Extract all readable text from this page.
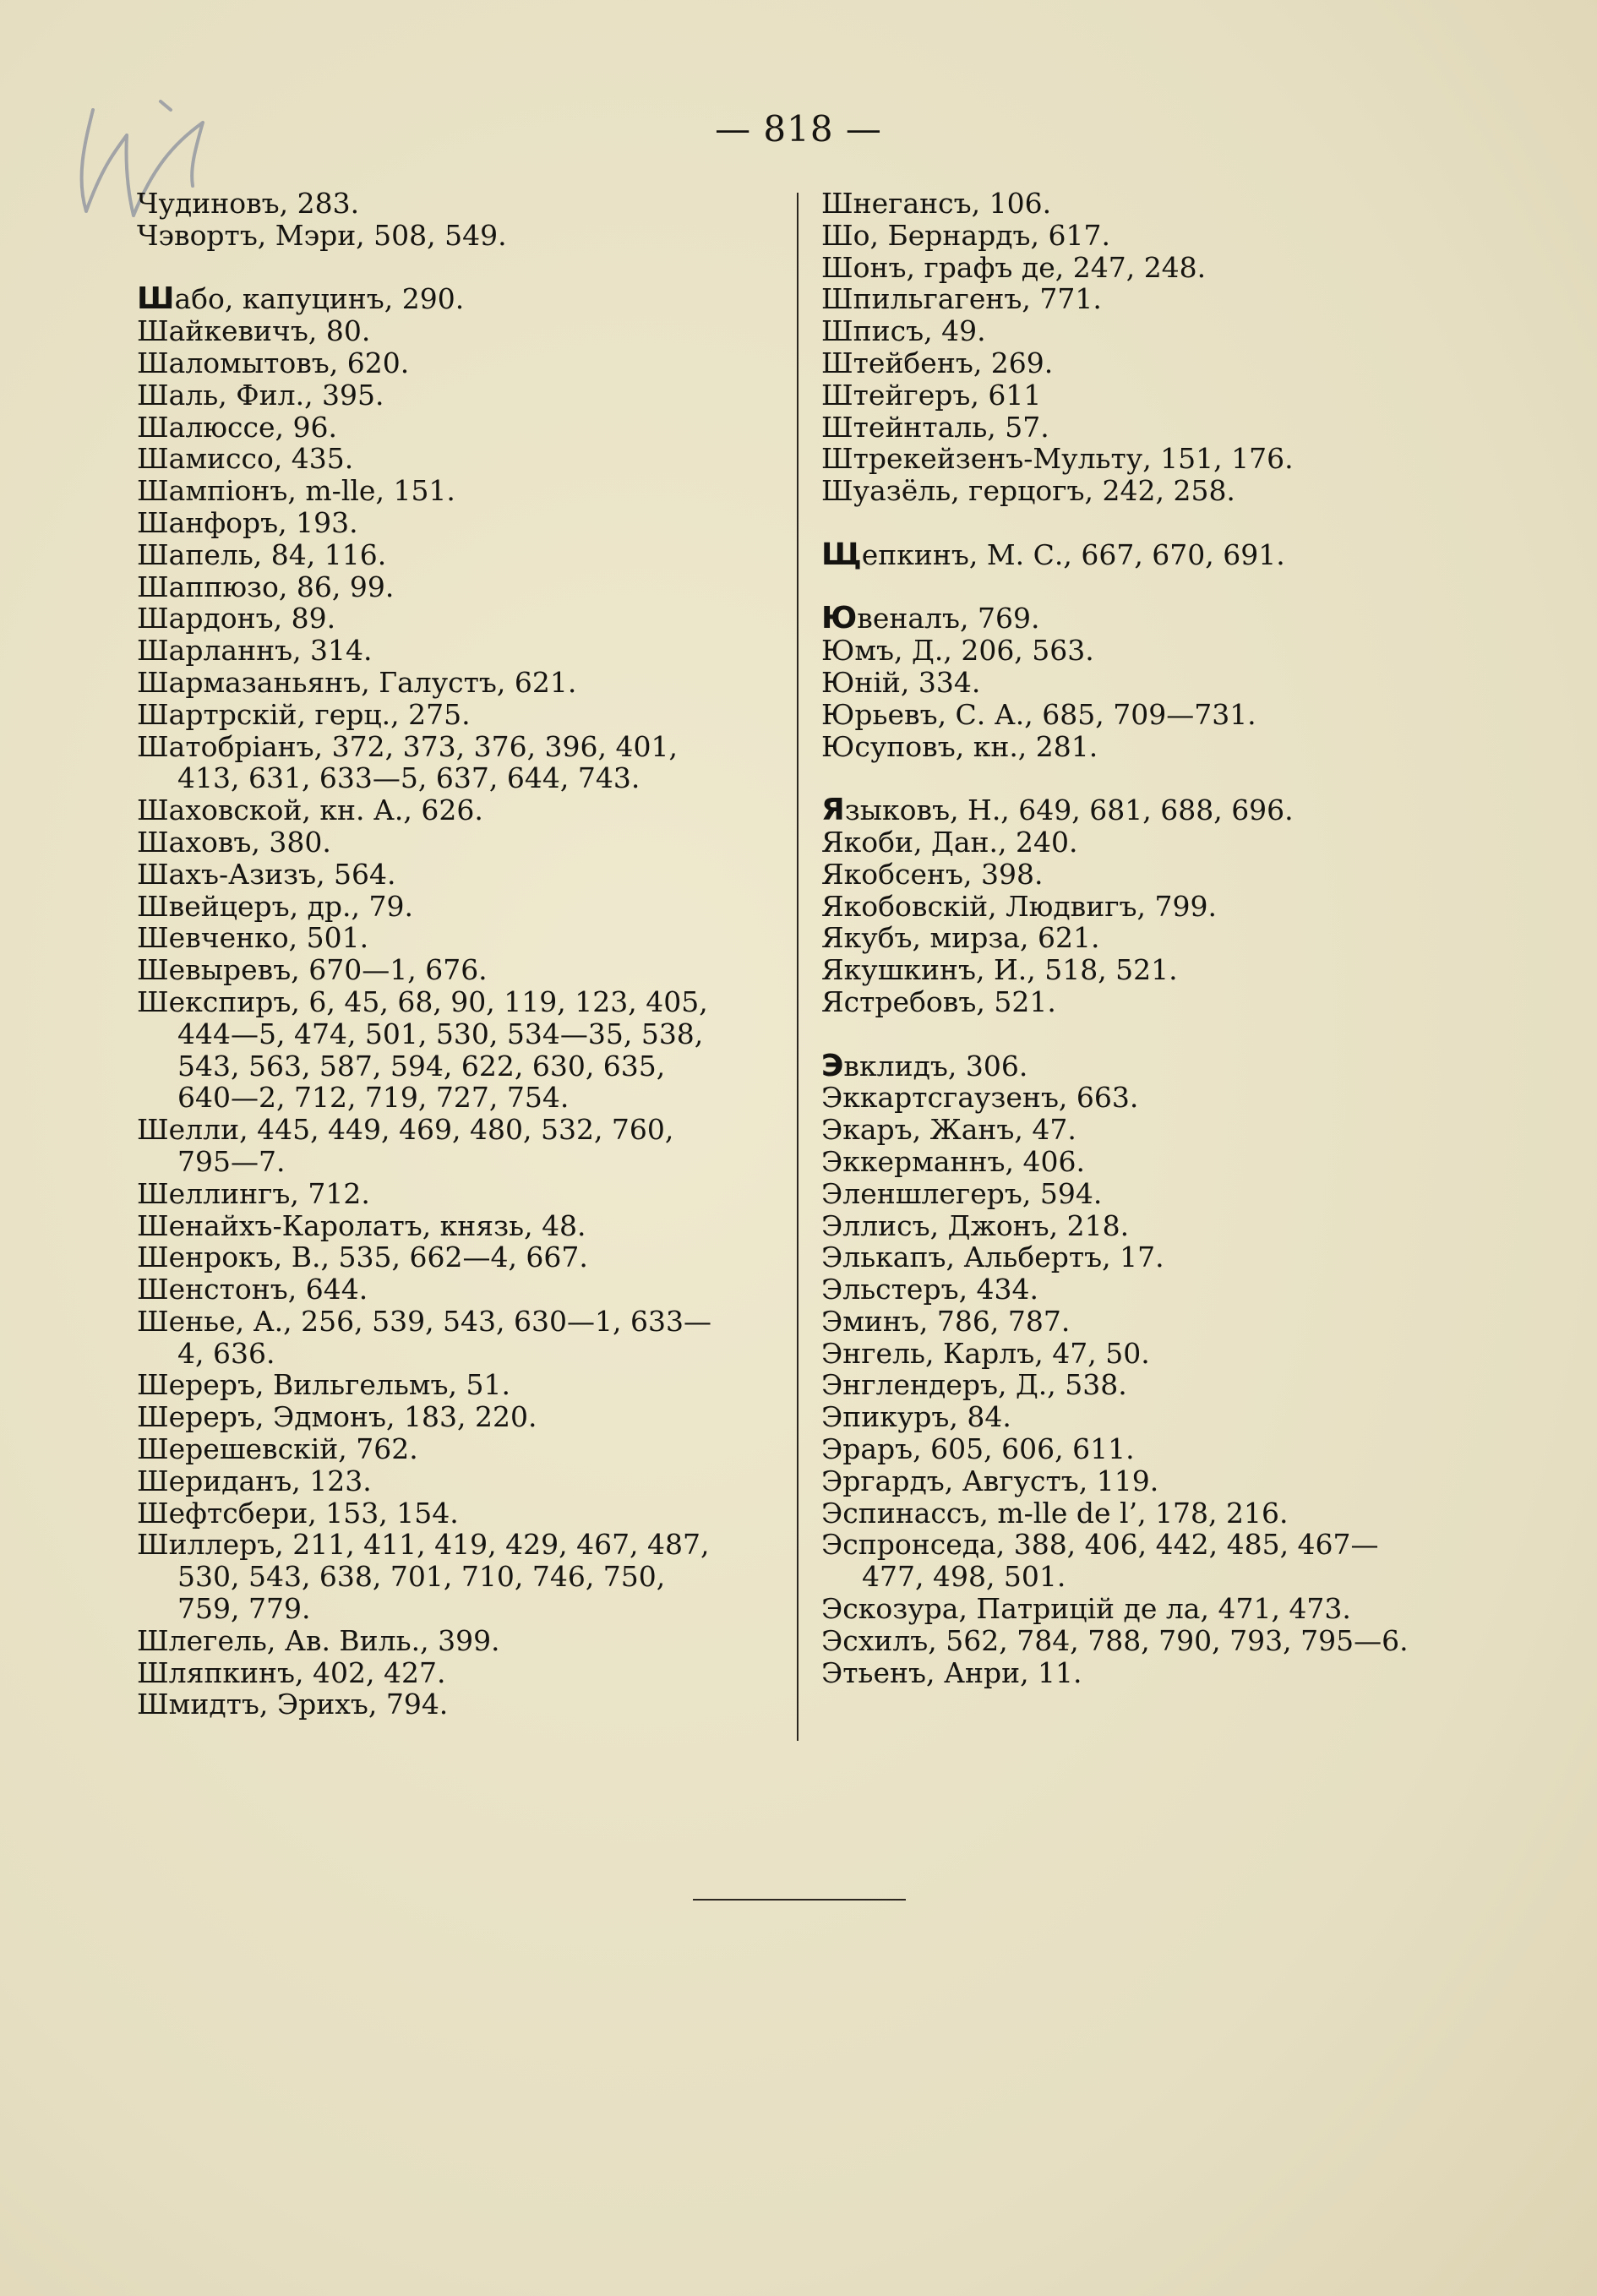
— 818 —
Чудиновъ, 283.
Чэвортъ, Мэри, 508, 549.
Шабо, капуцинъ, 290.
Шайкевичъ, 80.
Шаломытовъ, 620.
Шаль, Фил., 395.
Шалюссе, 96.
Шамиссо, 435.
Шампіонъ, m-lle, 151.
Шанфоръ, 193.
Шапель, 84, 116.
Шаппюзо, 86, 99.
Шардонъ, 89.
Шарланнъ, 314.
Шармазаньянъ, Галустъ, 621.
Шартрскій, герц., 275.
Шатобріанъ, 372, 373, 376, 396, 401,
413, 631, 633—5, 637, 644, 743.
Шаховской, кн. А., 626.
Шаховъ, 380.
Шахъ-Азизъ, 564.
Швейцеръ, др., 79.
Шевченко, 501.
Шевыревъ, 670—1, 676.
Шекспиръ, 6, 45, 68, 90, 119, 123, 405,
444—5, 474, 501, 530, 534—35, 538,
543, 563, 587, 594, 622, 630, 635,
640—2, 712, 719, 727, 754.
Шелли, 445, 449, 469, 480, 532, 760,
795—7.
Шеллингъ, 712.
Шенайхъ-Каролатъ, князь, 48.
Шенрокъ, В., 535, 662—4, 667.
Шенстонъ, 644.
Шенье, А., 256, 539, 543, 630—1, 633—
4, 636.
Шереръ, Вильгельмъ, 51.
Шереръ, Эдмонъ, 183, 220.
Шерешевскій, 762.
Шериданъ, 123.
Шефтсбери, 153, 154.
Шиллеръ, 211, 411, 419, 429, 467, 487,
530, 543, 638, 701, 710, 746, 750,
759, 779.
Шлегель, Ав. Виль., 399.
Шляпкинъ, 402, 427.
Шмидтъ, Эрихъ, 794.
Шнегансъ, 106.
Шо, Бернардъ, 617.
Шонъ, графъ де, 247, 248.
Шпильгагенъ, 771.
Шписъ, 49.
Штейбенъ, 269.
Штейгеръ, 611
Штейнталь, 57.
Штрекейзенъ-Мульту, 151, 176.
Шуазёль, герцогъ, 242, 258.
Щепкинъ, М. С., 667, 670, 691.
Ювеналъ, 769.
Юмъ, Д., 206, 563.
Юній, 334.
Юрьевъ, С. А., 685, 709—731.
Юсуповъ, кн., 281.
Языковъ, Н., 649, 681, 688, 696.
Якоби, Дан., 240.
Якобсенъ, 398.
Якобовскій, Людвигъ, 799.
Якубъ, мирза, 621.
Якушкинъ, И., 518, 521.
Ястребовъ, 521.
Эвклидъ, 306.
Эккартсгаузенъ, 663.
Экаръ, Жанъ, 47.
Эккерманнъ, 406.
Эленшлегеръ, 594.
Эллисъ, Джонъ, 218.
Элькапъ, Альбертъ, 17.
Эльстеръ, 434.
Эминъ, 786, 787.
Энгель, Карлъ, 47, 50.
Энглендеръ, Д., 538.
Эпикуръ, 84.
Эраръ, 605, 606, 611.
Эргардъ, Августъ, 119.
Эспинассъ, m-lle de l’, 178, 216.
Эспронседа, 388, 406, 442, 485, 467—
477, 498, 501.
Эскозура, Патрицій де ла, 471, 473.
Эсхилъ, 562, 784, 788, 790, 793, 795—6.
Этьенъ, Анри, 11.
